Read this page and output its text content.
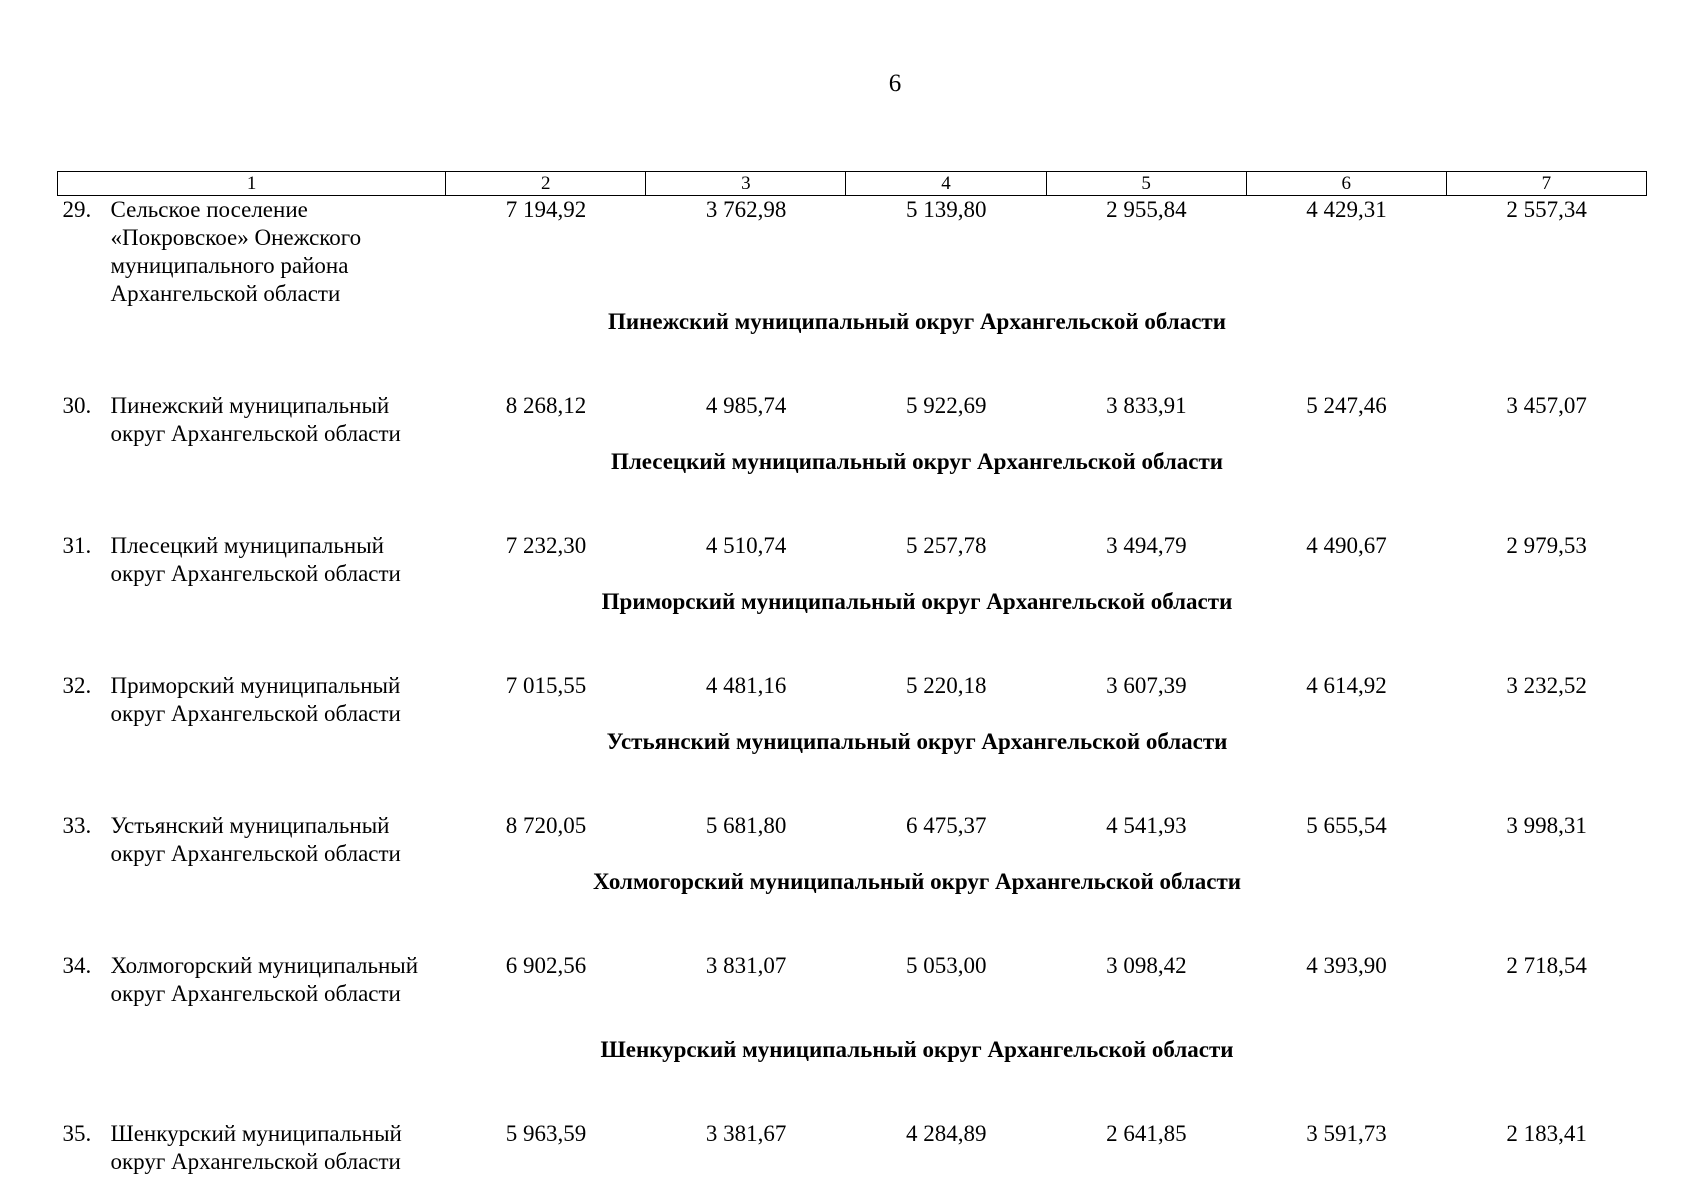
6
1	2	3	4	5	6	7

29. Сельское поселение «Покровское» Онежского муниципального района Архангельской области	7 194,92	3 762,98	5 139,80	2 955,84	4 429,31	2 557,34
Пинежский муниципальный округ Архангельской области						

30. Пинежский муниципальный округ Архангельской области	8 268,12	4 985,74	5 922,69	3 833,91	5 247,46	3 457,07
Плесецкий муниципальный округ Архангельской области						

31. Плесецкий муниципальный округ Архангельской области	7 232,30	4 510,74	5 257,78	3 494,79	4 490,67	2 979,53
Приморский муниципальный округ Архангельской области						

32. Приморский муниципальный округ Архангельской области	7 015,55	4 481,16	5 220,18	3 607,39	4 614,92	3 232,52
Устьянский муниципальный округ Архангельской области						

33. Устьянский муниципальный округ Архангельской области	8 720,05	5 681,80	6 475,37	4 541,93	5 655,54	3 998,31
Холмогорский муниципальный округ Архангельской области						

34. Холмогорский муниципальный округ Архангельской области	6 902,56	3 831,07	5 053,00	3 098,42	4 393,90	2 718,54
Шенкурский муниципальный округ Архангельской области						

35. Шенкурский муниципальный округ Архангельской области	5 963,59	3 381,67	4 284,89	2 641,85	3 591,73	2 183,41
